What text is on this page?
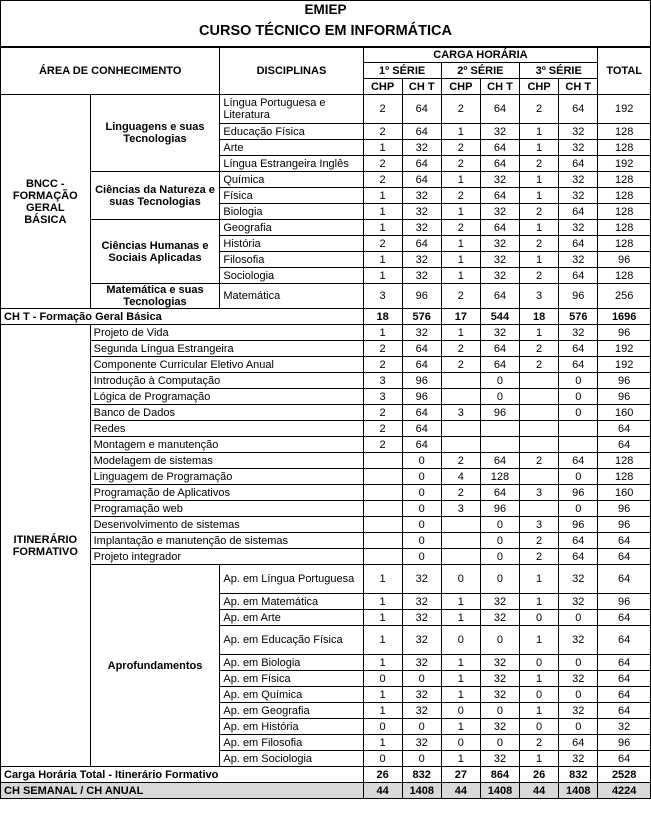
EMIEP
CURSO TÉCNICO EM INFORMÁTICA
ÁREA DE CONHECIMENTO		DISCIPLINAS	CARGA HORÁRIA						TOTAL
			1º SÉRIE		2º SÉRIE		3º SÉRIE		
			CHP	CH T	CHP	CH T	CHP	CH T	
BNCC - FORMAÇÃO GERAL BÁSICA	Linguagens e suas Tecnologias	Língua Portuguesa e Literatura	2	64	2	64	2	64	192
		Educação Física	2	64	1	32	1	32	128
		Arte	1	32	2	64	1	32	128
		Língua Estrangeira Inglês	2	64	2	64	2	64	192
	Ciências da Natureza e suas Tecnologias	Química	2	64	1	32	1	32	128
		Física	1	32	2	64	1	32	128
		Biologia	1	32	1	32	2	64	128
	Ciências Humanas e Sociais Aplicadas	Geografia	1	32	2	64	1	32	128
		História	2	64	1	32	2	64	128
		Filosofia	1	32	1	32	1	32	96
		Sociologia	1	32	1	32	2	64	128
	Matemática e suas Tecnologias	Matemática	3	96	2	64	3	96	256
CH T - Formação Geral Básica			18	576	17	544	18	576	1696
ITINERÁRIO FORMATIVO	Projeto de Vida		1	32	1	32	1	32	96
	Segunda Língua Estrangeira		2	64	2	64	2	64	192
	Componente Curricular Eletivo Anual		2	64	2	64	2	64	192
	Introdução à Computação		3	96		0		0	96
	Lógica de Programação		3	96		0		0	96
	Banco de Dados		2	64	3	96		0	160
	Redes		2	64					64
	Montagem e manutenção		2	64					64
	Modelagem de sistemas			0	2	64	2	64	128
	Linguagem de Programação			0	4	128		0	128
	Programação de Aplicativos			0	2	64	3	96	160
	Programação web			0	3	96		0	96
	Desenvolvimento de sistemas			0		0	3	96	96
	Implantação e manutenção de sistemas			0		0	2	64	64
	Projeto integrador			0		0	2	64	64
	Aprofundamentos	Ap. em Língua Portuguesa	1	32	0	0	1	32	64
		Ap. em Matemática	1	32	1	32	1	32	96
		Ap. em Arte	1	32	1	32	0	0	64
		Ap. em Educação Física	1	32	0	0	1	32	64
		Ap. em Biologia	1	32	1	32	0	0	64
		Ap. em Física	0	0	1	32	1	32	64
		Ap. em Química	1	32	1	32	0	0	64
		Ap. em Geografia	1	32	0	0	1	32	64
		Ap. em História	0	0	1	32	0	0	32
		Ap. em Filosofia	1	32	0	0	2	64	96
		Ap. em Sociologia	0	0	1	32	1	32	64
Carga Horária Total - Itinerário Formativo			26	832	27	864	26	832	2528
CH SEMANAL / CH ANUAL			44	1408	44	1408	44	1408	4224
